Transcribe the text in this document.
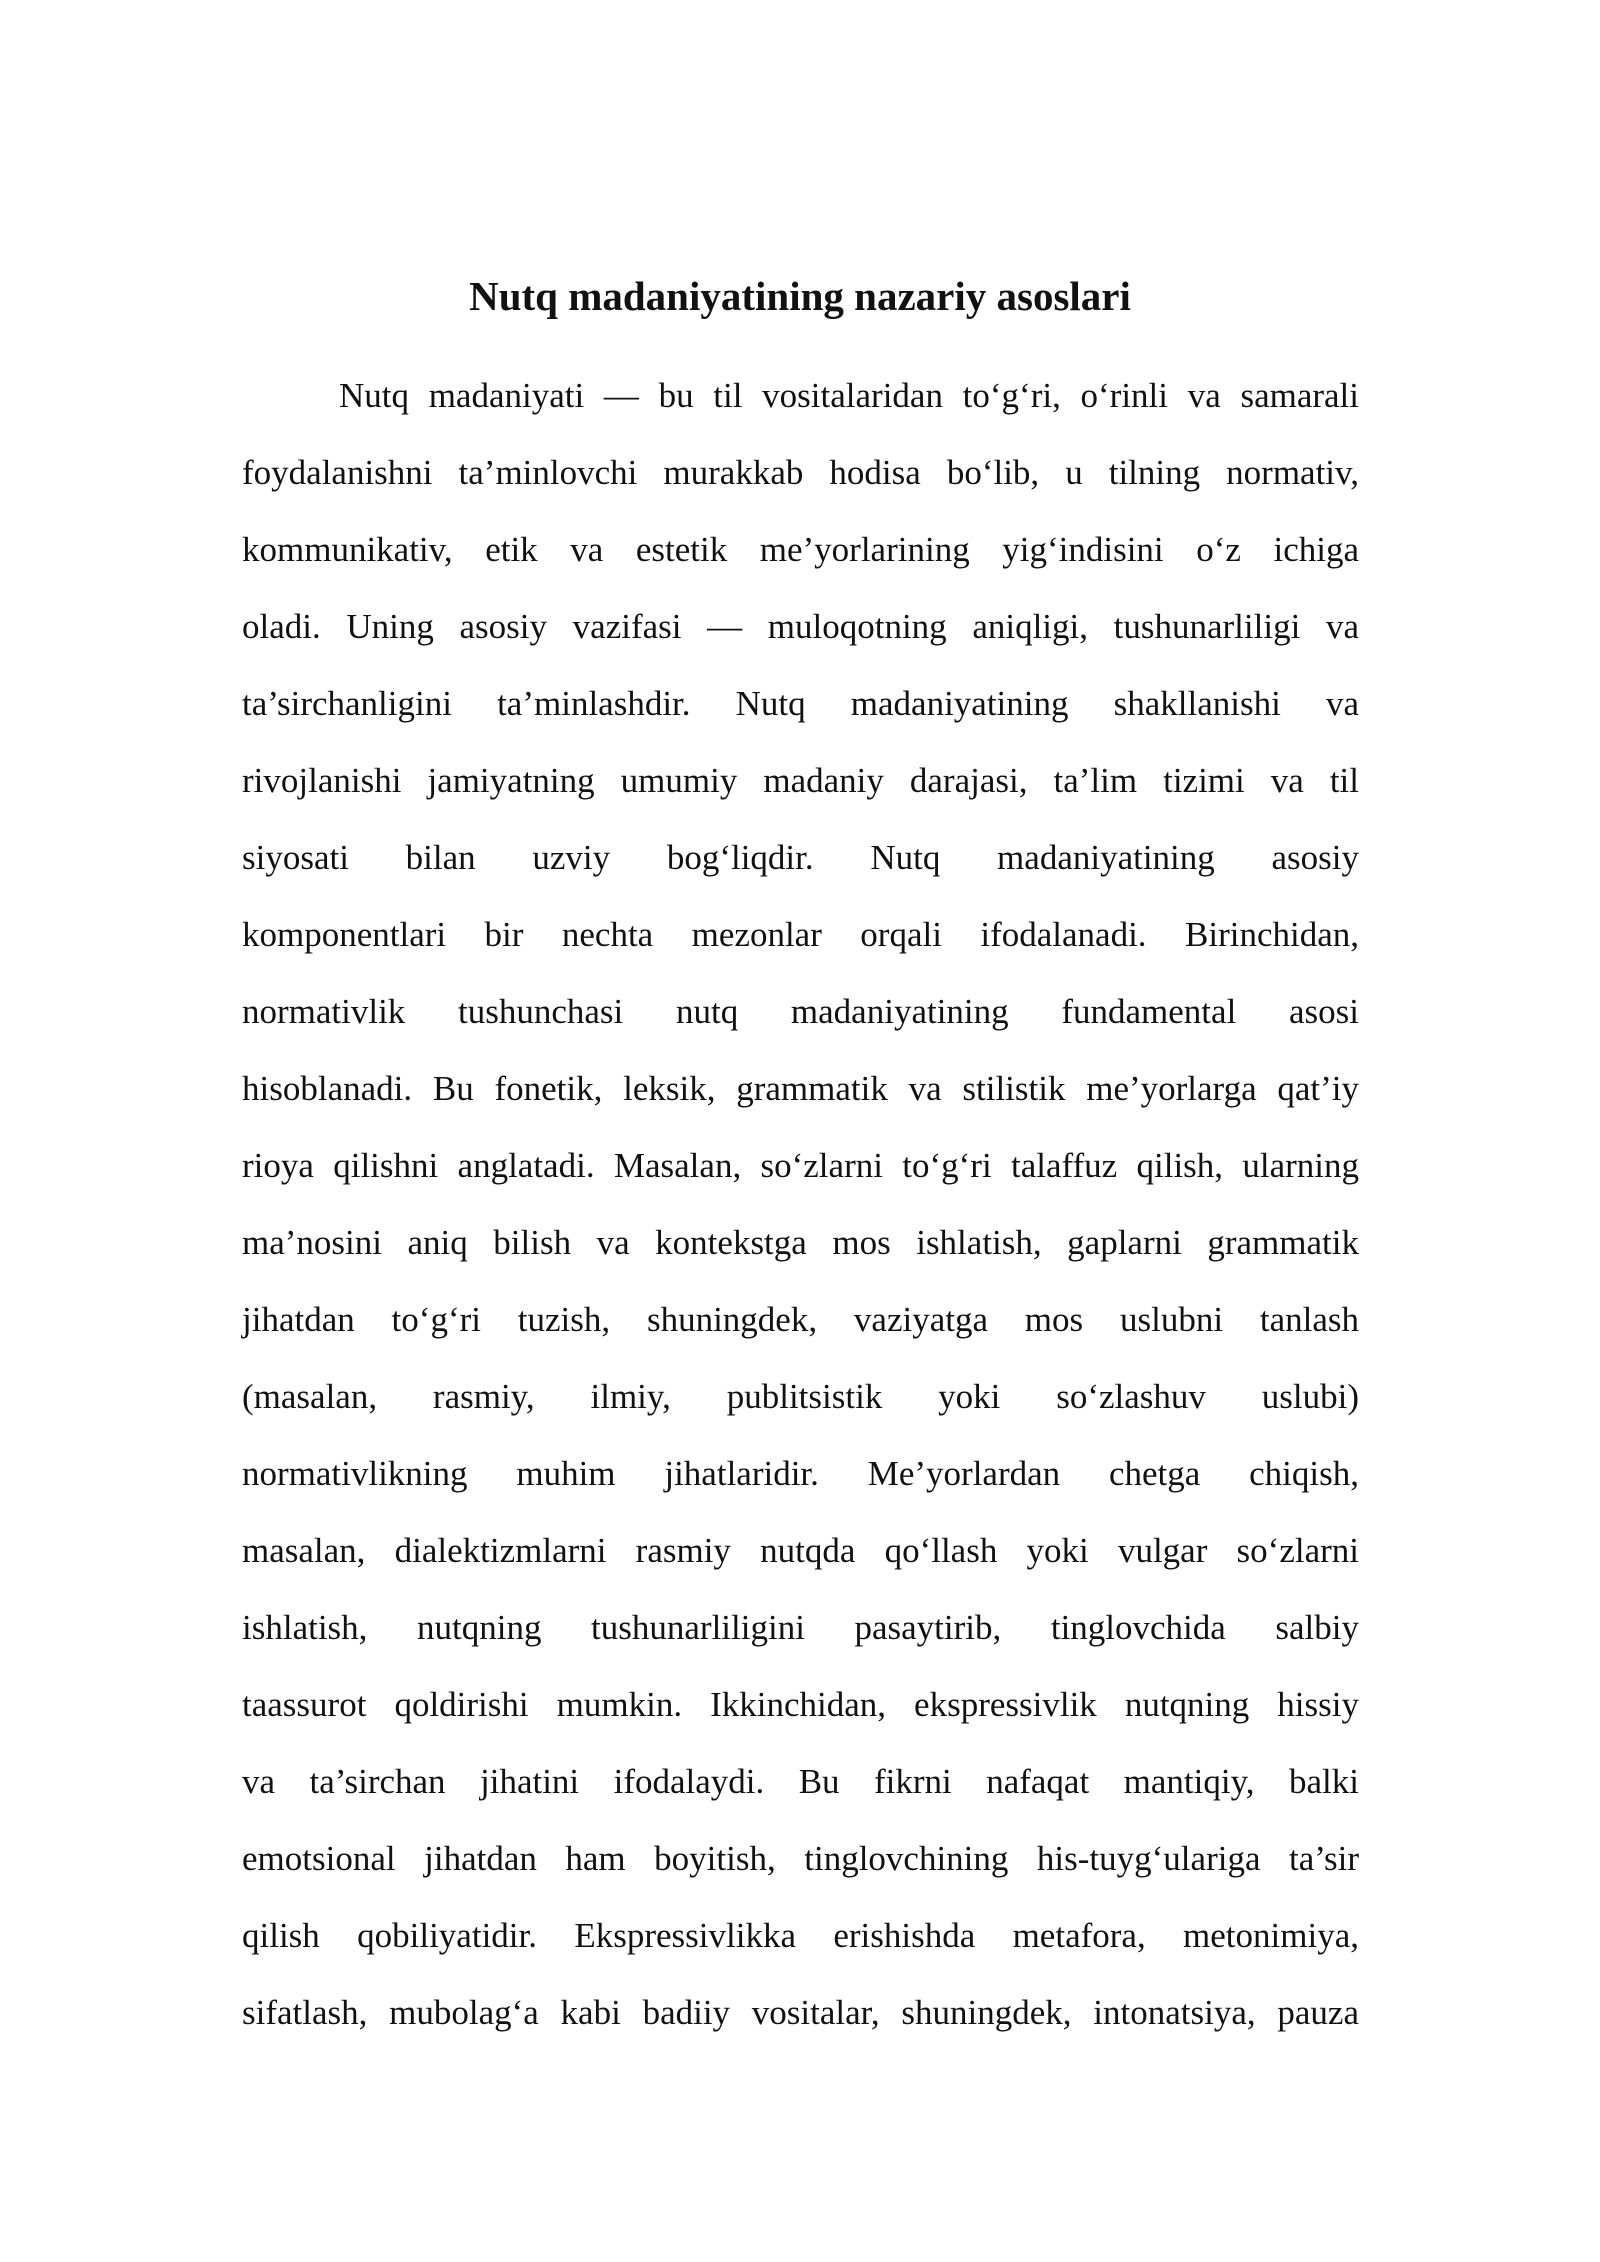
Nutq madaniyatining nazariy asoslari
Nutq madaniyati — bu til vositalaridan to‘g‘ri, o‘rinli va samarali
foydalanishni ta’minlovchi murakkab hodisa bo‘lib, u tilning normativ,
kommunikativ, etik va estetik me’yorlarining yig‘indisini o‘z ichiga
oladi. Uning asosiy vazifasi — muloqotning aniqligi, tushunarliligi va
ta’sirchanligini ta’minlashdir. Nutq madaniyatining shakllanishi va
rivojlanishi jamiyatning umumiy madaniy darajasi, ta’lim tizimi va til
siyosati bilan uzviy bog‘liqdir. Nutq madaniyatining asosiy
komponentlari bir nechta mezonlar orqali ifodalanadi. Birinchidan,
normativlik tushunchasi nutq madaniyatining fundamental asosi
hisoblanadi. Bu fonetik, leksik, grammatik va stilistik me’yorlarga qat’iy
rioya qilishni anglatadi. Masalan, so‘zlarni to‘g‘ri talaffuz qilish, ularning
ma’nosini aniq bilish va kontekstga mos ishlatish, gaplarni grammatik
jihatdan to‘g‘ri tuzish, shuningdek, vaziyatga mos uslubni tanlash
(masalan, rasmiy, ilmiy, publitsistik yoki so‘zlashuv uslubi)
normativlikning muhim jihatlaridir. Me’yorlardan chetga chiqish,
masalan, dialektizmlarni rasmiy nutqda qo‘llash yoki vulgar so‘zlarni
ishlatish, nutqning tushunarliligini pasaytirib, tinglovchida salbiy
taassurot qoldirishi mumkin. Ikkinchidan, ekspressivlik nutqning hissiy
va ta’sirchan jihatini ifodalaydi. Bu fikrni nafaqat mantiqiy, balki
emotsional jihatdan ham boyitish, tinglovchining his-tuyg‘ulariga ta’sir
qilish qobiliyatidir. Ekspressivlikka erishishda metafora, metonimiya,
sifatlash, mubolag‘a kabi badiiy vositalar, shuningdek, intonatsiya, pauza
